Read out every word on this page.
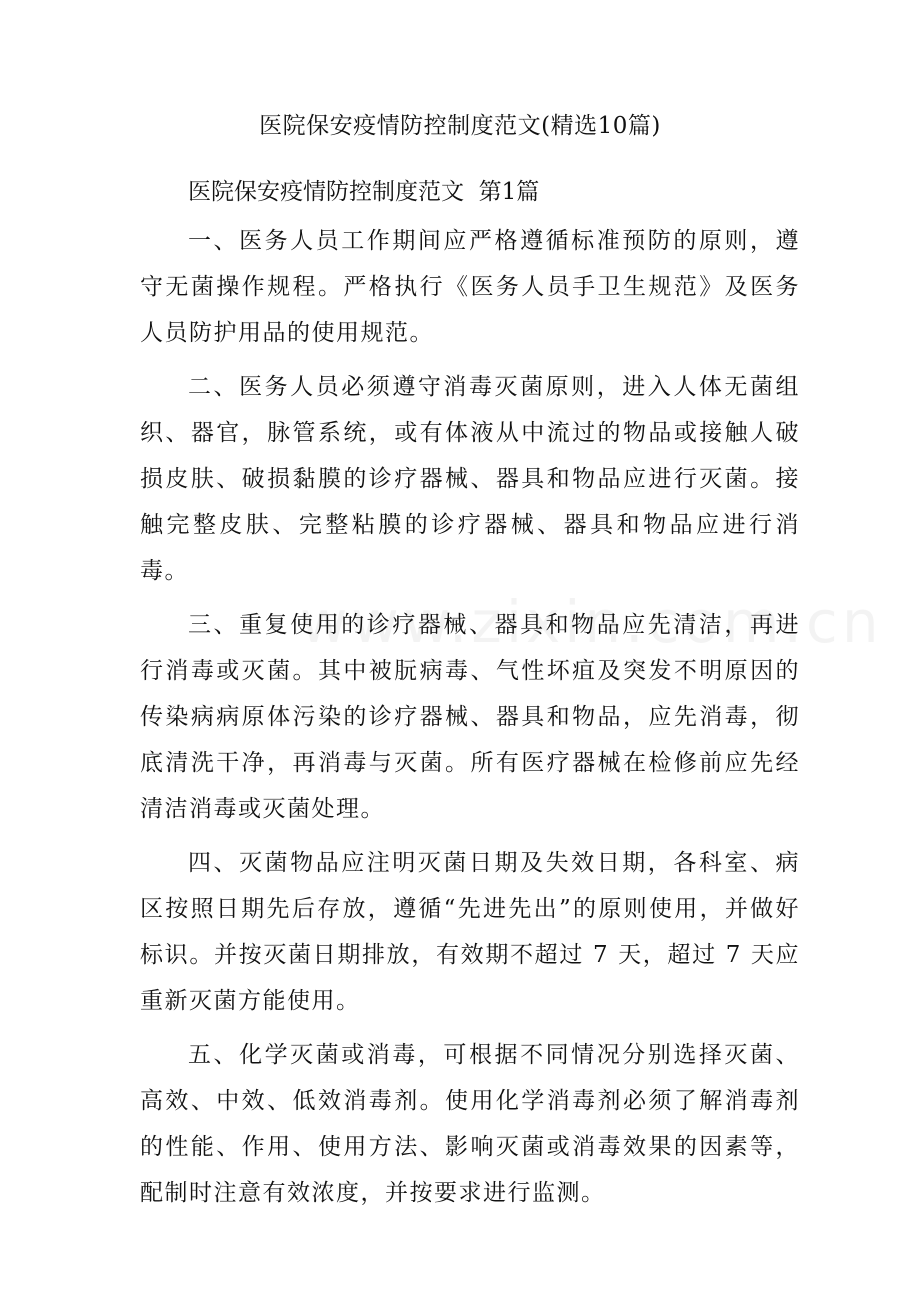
医院保安疫情防控制度范文(精选10篇)
医院保安疫情防控制度范文  第1篇

一、医务人员工作期间应严格遵循标准预防的原则，遵守无菌操作规程。严格执行《医务人员手卫生规范》及医务人员防护用品的使用规范。

二、医务人员必须遵守消毒灭菌原则，进入人体无菌组织、器官，脉管系统，或有体液从中流过的物品或接触人破损皮肤、破损黏膜的诊疗器械、器具和物品应进行灭菌。接触完整皮肤、完整粘膜的诊疗器械、器具和物品应进行消毒。

三、重复使用的诊疗器械、器具和物品应先清洁，再进行消毒或灭菌。其中被朊病毒、气性坏疽及突发不明原因的传染病病原体污染的诊疗器械、器具和物品，应先消毒，彻底清洗干净，再消毒与灭菌。所有医疗器械在检修前应先经清洁消毒或灭菌处理。

四、灭菌物品应注明灭菌日期及失效日期，各科室、病区按照日期先后存放，遵循“先进先出”的原则使用，并做好标识。并按灭菌日期排放，有效期不超过 7 天，超过 7 天应重新灭菌方能使用。

五、化学灭菌或消毒，可根据不同情况分别选择灭菌、高效、中效、低效消毒剂。使用化学消毒剂必须了解消毒剂的性能、作用、使用方法、影响灭菌或消毒效果的因素等，配制时注意有效浓度，并按要求进行监测。
